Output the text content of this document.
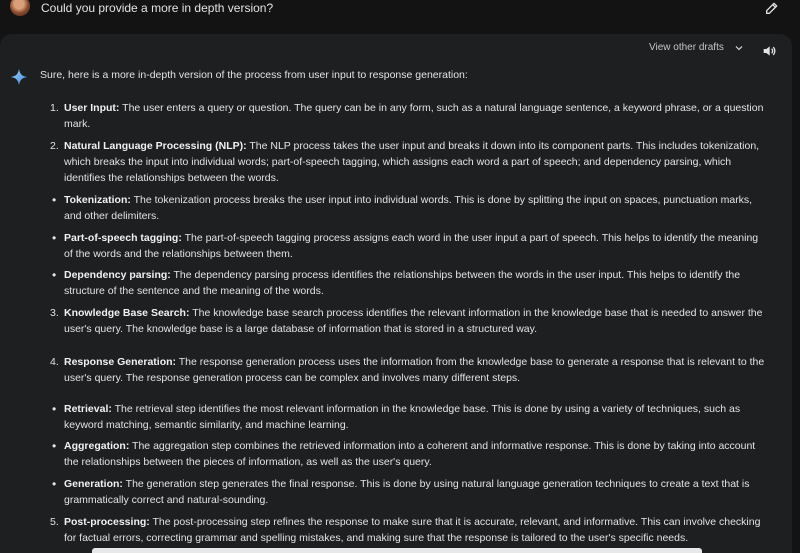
Could you provide a more in depth version?
View other drafts
Sure, here is a more in-depth version of the process from user input to response generation:
1. User Input: The user enters a query or question. The query can be in any form, such as a natural language sentence, a keyword phrase, or a question mark.
2. Natural Language Processing (NLP): The NLP process takes the user input and breaks it down into its component parts. This includes tokenization, which breaks the input into individual words; part-of-speech tagging, which assigns each word a part of speech; and dependency parsing, which identifies the relationships between the words.
• Tokenization: The tokenization process breaks the user input into individual words. This is done by splitting the input on spaces, punctuation marks, and other delimiters.
• Part-of-speech tagging: The part-of-speech tagging process assigns each word in the user input a part of speech. This helps to identify the meaning of the words and the relationships between them.
• Dependency parsing: The dependency parsing process identifies the relationships between the words in the user input. This helps to identify the structure of the sentence and the meaning of the words.
3. Knowledge Base Search: The knowledge base search process identifies the relevant information in the knowledge base that is needed to answer the user's query. The knowledge base is a large database of information that is stored in a structured way.
4. Response Generation: The response generation process uses the information from the knowledge base to generate a response that is relevant to the user's query. The response generation process can be complex and involves many different steps.
• Retrieval: The retrieval step identifies the most relevant information in the knowledge base. This is done by using a variety of techniques, such as keyword matching, semantic similarity, and machine learning.
• Aggregation: The aggregation step combines the retrieved information into a coherent and informative response. This is done by taking into account the relationships between the pieces of information, as well as the user's query.
• Generation: The generation step generates the final response. This is done by using natural language generation techniques to create a text that is grammatically correct and natural-sounding.
5. Post-processing: The post-processing step refines the response to make sure that it is accurate, relevant, and informative. This can involve checking for factual errors, correcting grammar and spelling mistakes, and making sure that the response is tailored to the user's specific needs.
